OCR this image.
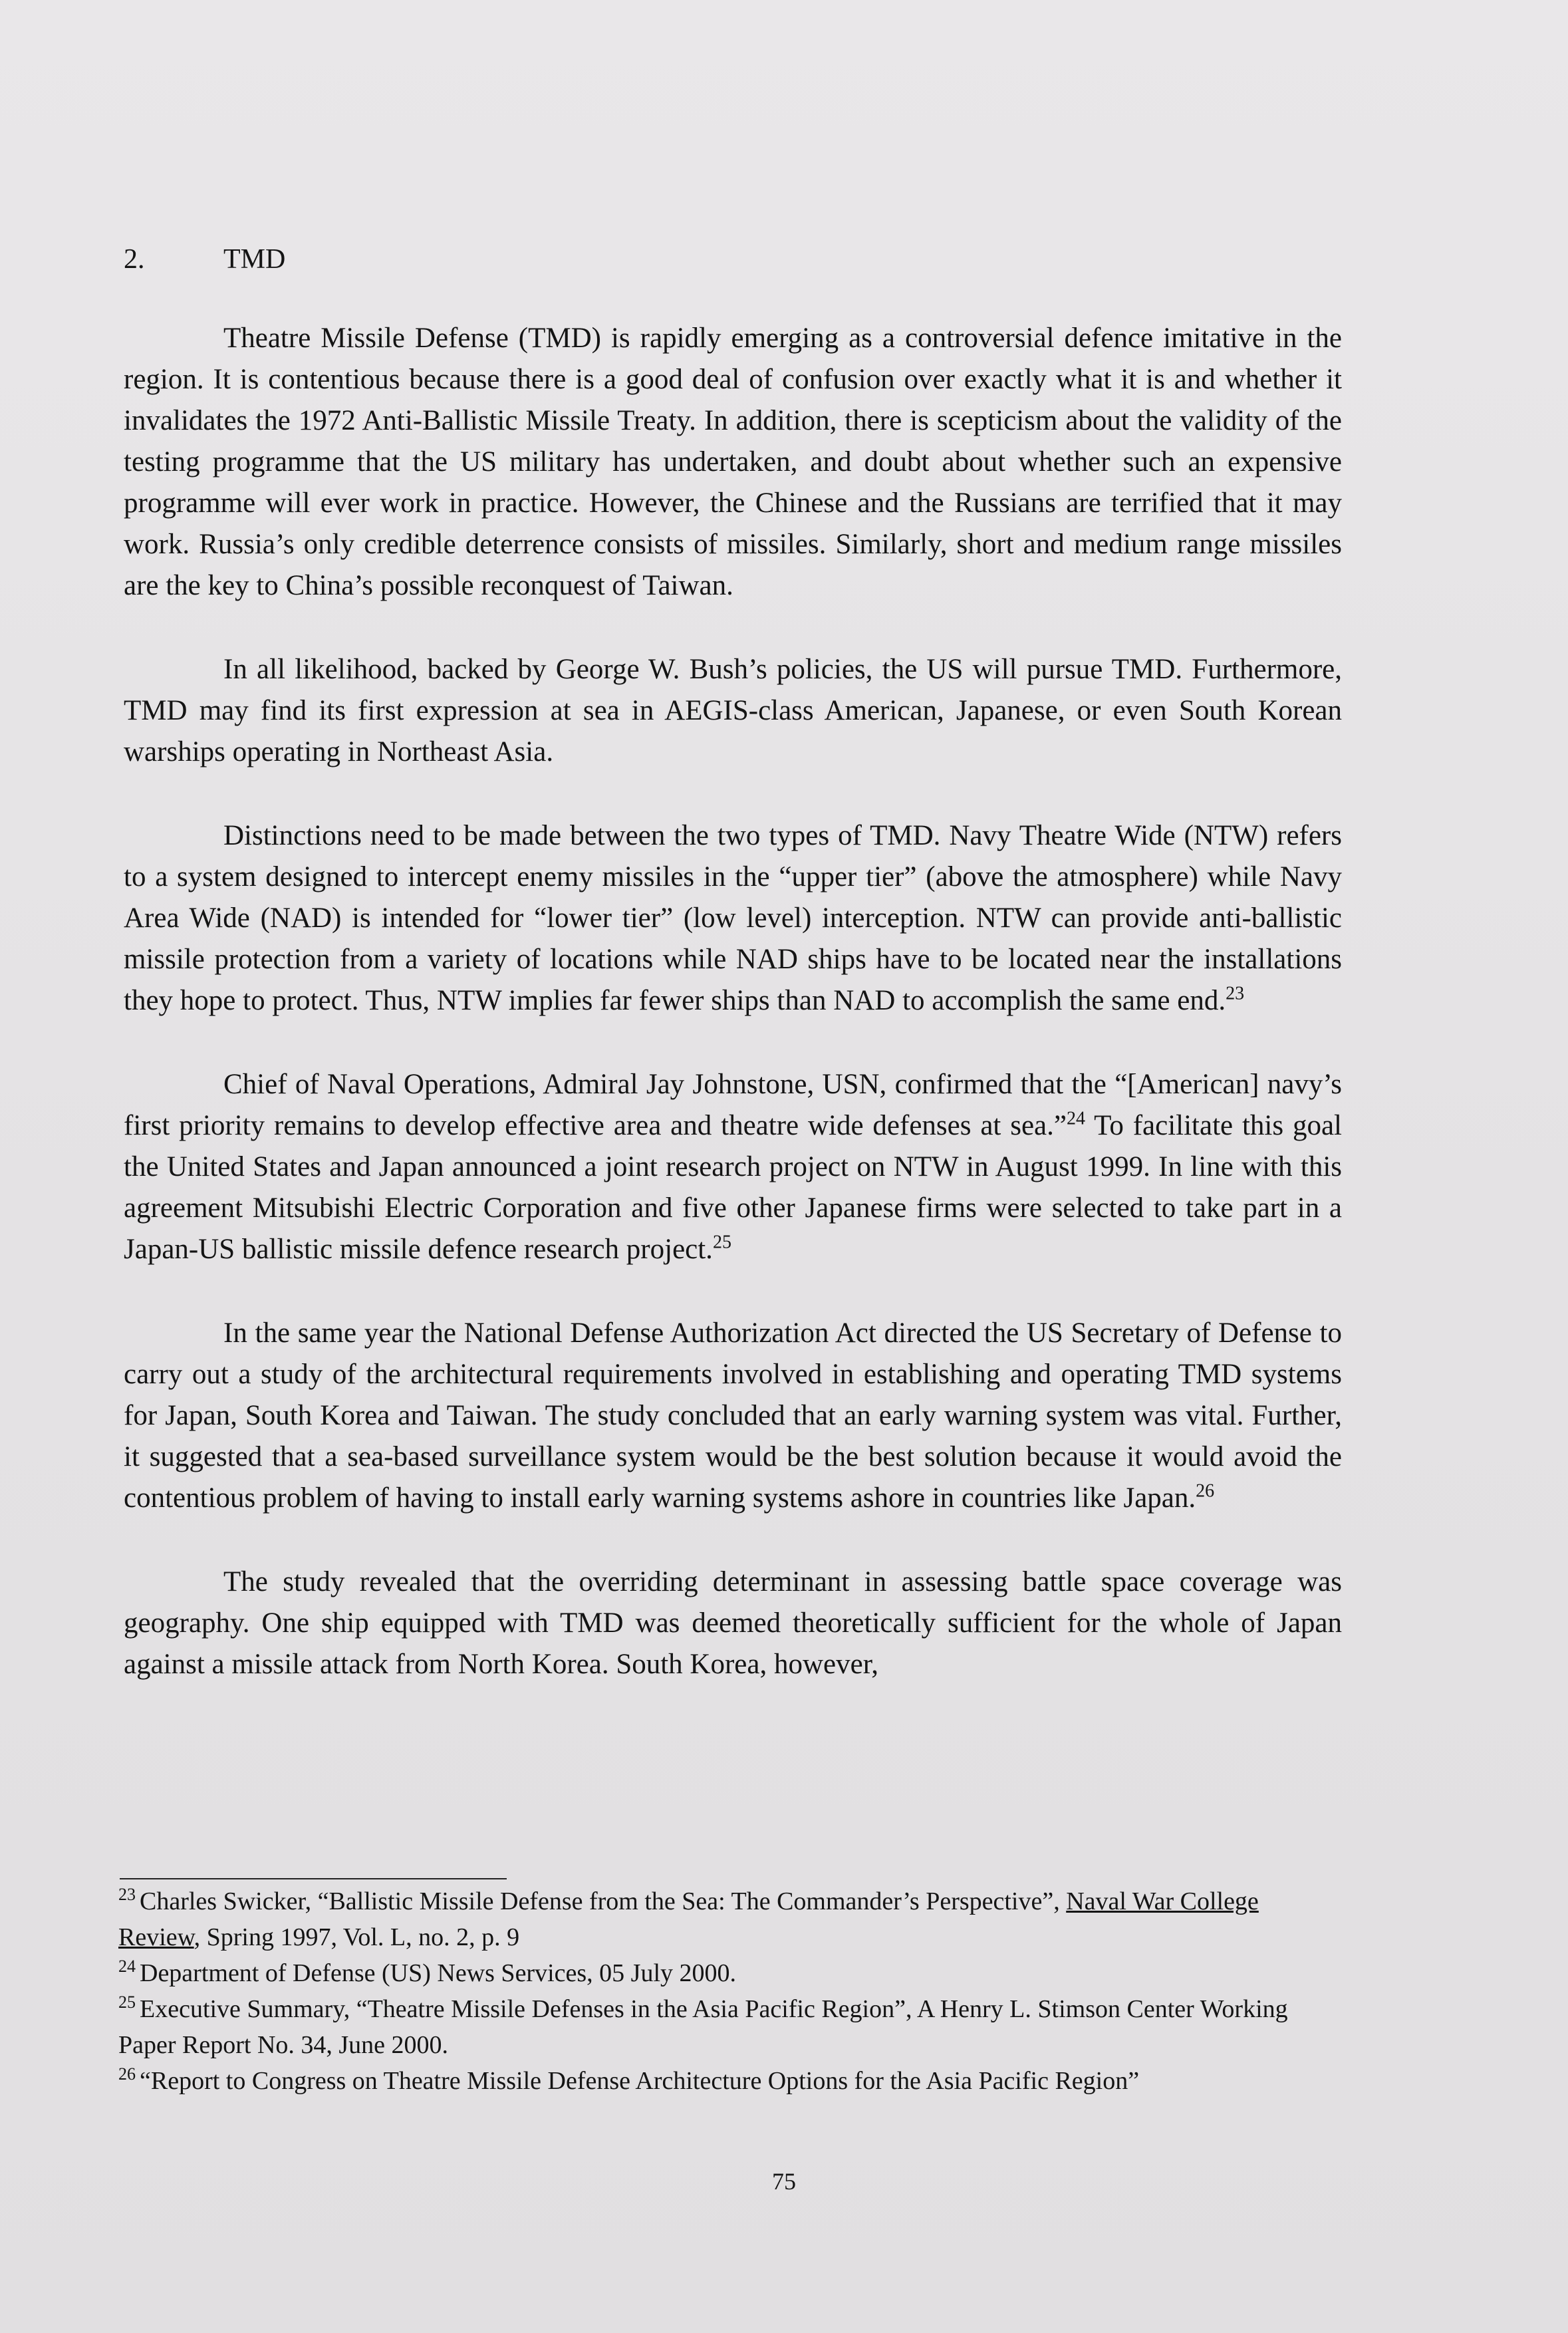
2.	TMD

Theatre Missile Defense (TMD) is rapidly emerging as a controversial defence imitative in the region. It is contentious because there is a good deal of confusion over exactly what it is and whether it invalidates the 1972 Anti-Ballistic Missile Treaty. In addition, there is scepticism about the validity of the testing programme that the US military has undertaken, and doubt about whether such an expensive programme will ever work in practice. However, the Chinese and the Russians are terrified that it may work. Russia’s only credible deterrence consists of missiles. Similarly, short and medium range missiles are the key to China’s possible reconquest of Taiwan.

In all likelihood, backed by George W. Bush’s policies, the US will pursue TMD. Furthermore, TMD may find its first expression at sea in AEGIS-class American, Japanese, or even South Korean warships operating in Northeast Asia.

Distinctions need to be made between the two types of TMD. Navy Theatre Wide (NTW) refers to a system designed to intercept enemy missiles in the “upper tier” (above the atmosphere) while Navy Area Wide (NAD) is intended for “lower tier” (low level) interception. NTW can provide anti-ballistic missile protection from a variety of locations while NAD ships have to be located near the installations they hope to protect. Thus, NTW implies far fewer ships than NAD to accomplish the same end.$^{23}$

Chief of Naval Operations, Admiral Jay Johnstone, USN, confirmed that the “[American] navy’s first priority remains to develop effective area and theatre wide defenses at sea.”$^{24}$ To facilitate this goal the United States and Japan announced a joint research project on NTW in August 1999. In line with this agreement Mitsubishi Electric Corporation and five other Japanese firms were selected to take part in a Japan-US ballistic missile defence research project.$^{25}$

In the same year the National Defense Authorization Act directed the US Secretary of Defense to carry out a study of the architectural requirements involved in establishing and operating TMD systems for Japan, South Korea and Taiwan. The study concluded that an early warning system was vital. Further, it suggested that a sea-based surveillance system would be the best solution because it would avoid the contentious problem of having to install early warning systems ashore in countries like Japan.$^{26}$

The study revealed that the overriding determinant in assessing battle space coverage was geography. One ship equipped with TMD was deemed theoretically sufficient for the whole of Japan against a missile attack from North Korea. South Korea, however,

$^{23}$ Charles Swicker, “Ballistic Missile Defense from the Sea: The Commander’s Perspective”, Naval War College Review, Spring 1997, Vol. L, no. 2, p. 9

$^{24}$ Department of Defense (US) News Services, 05 July 2000.

$^{25}$ Executive Summary, “Theatre Missile Defenses in the Asia Pacific Region”, A Henry L. Stimson Center Working Paper Report No. 34, June 2000.

$^{26}$ “Report to Congress on Theatre Missile Defense Architecture Options for the Asia Pacific Region”

75
